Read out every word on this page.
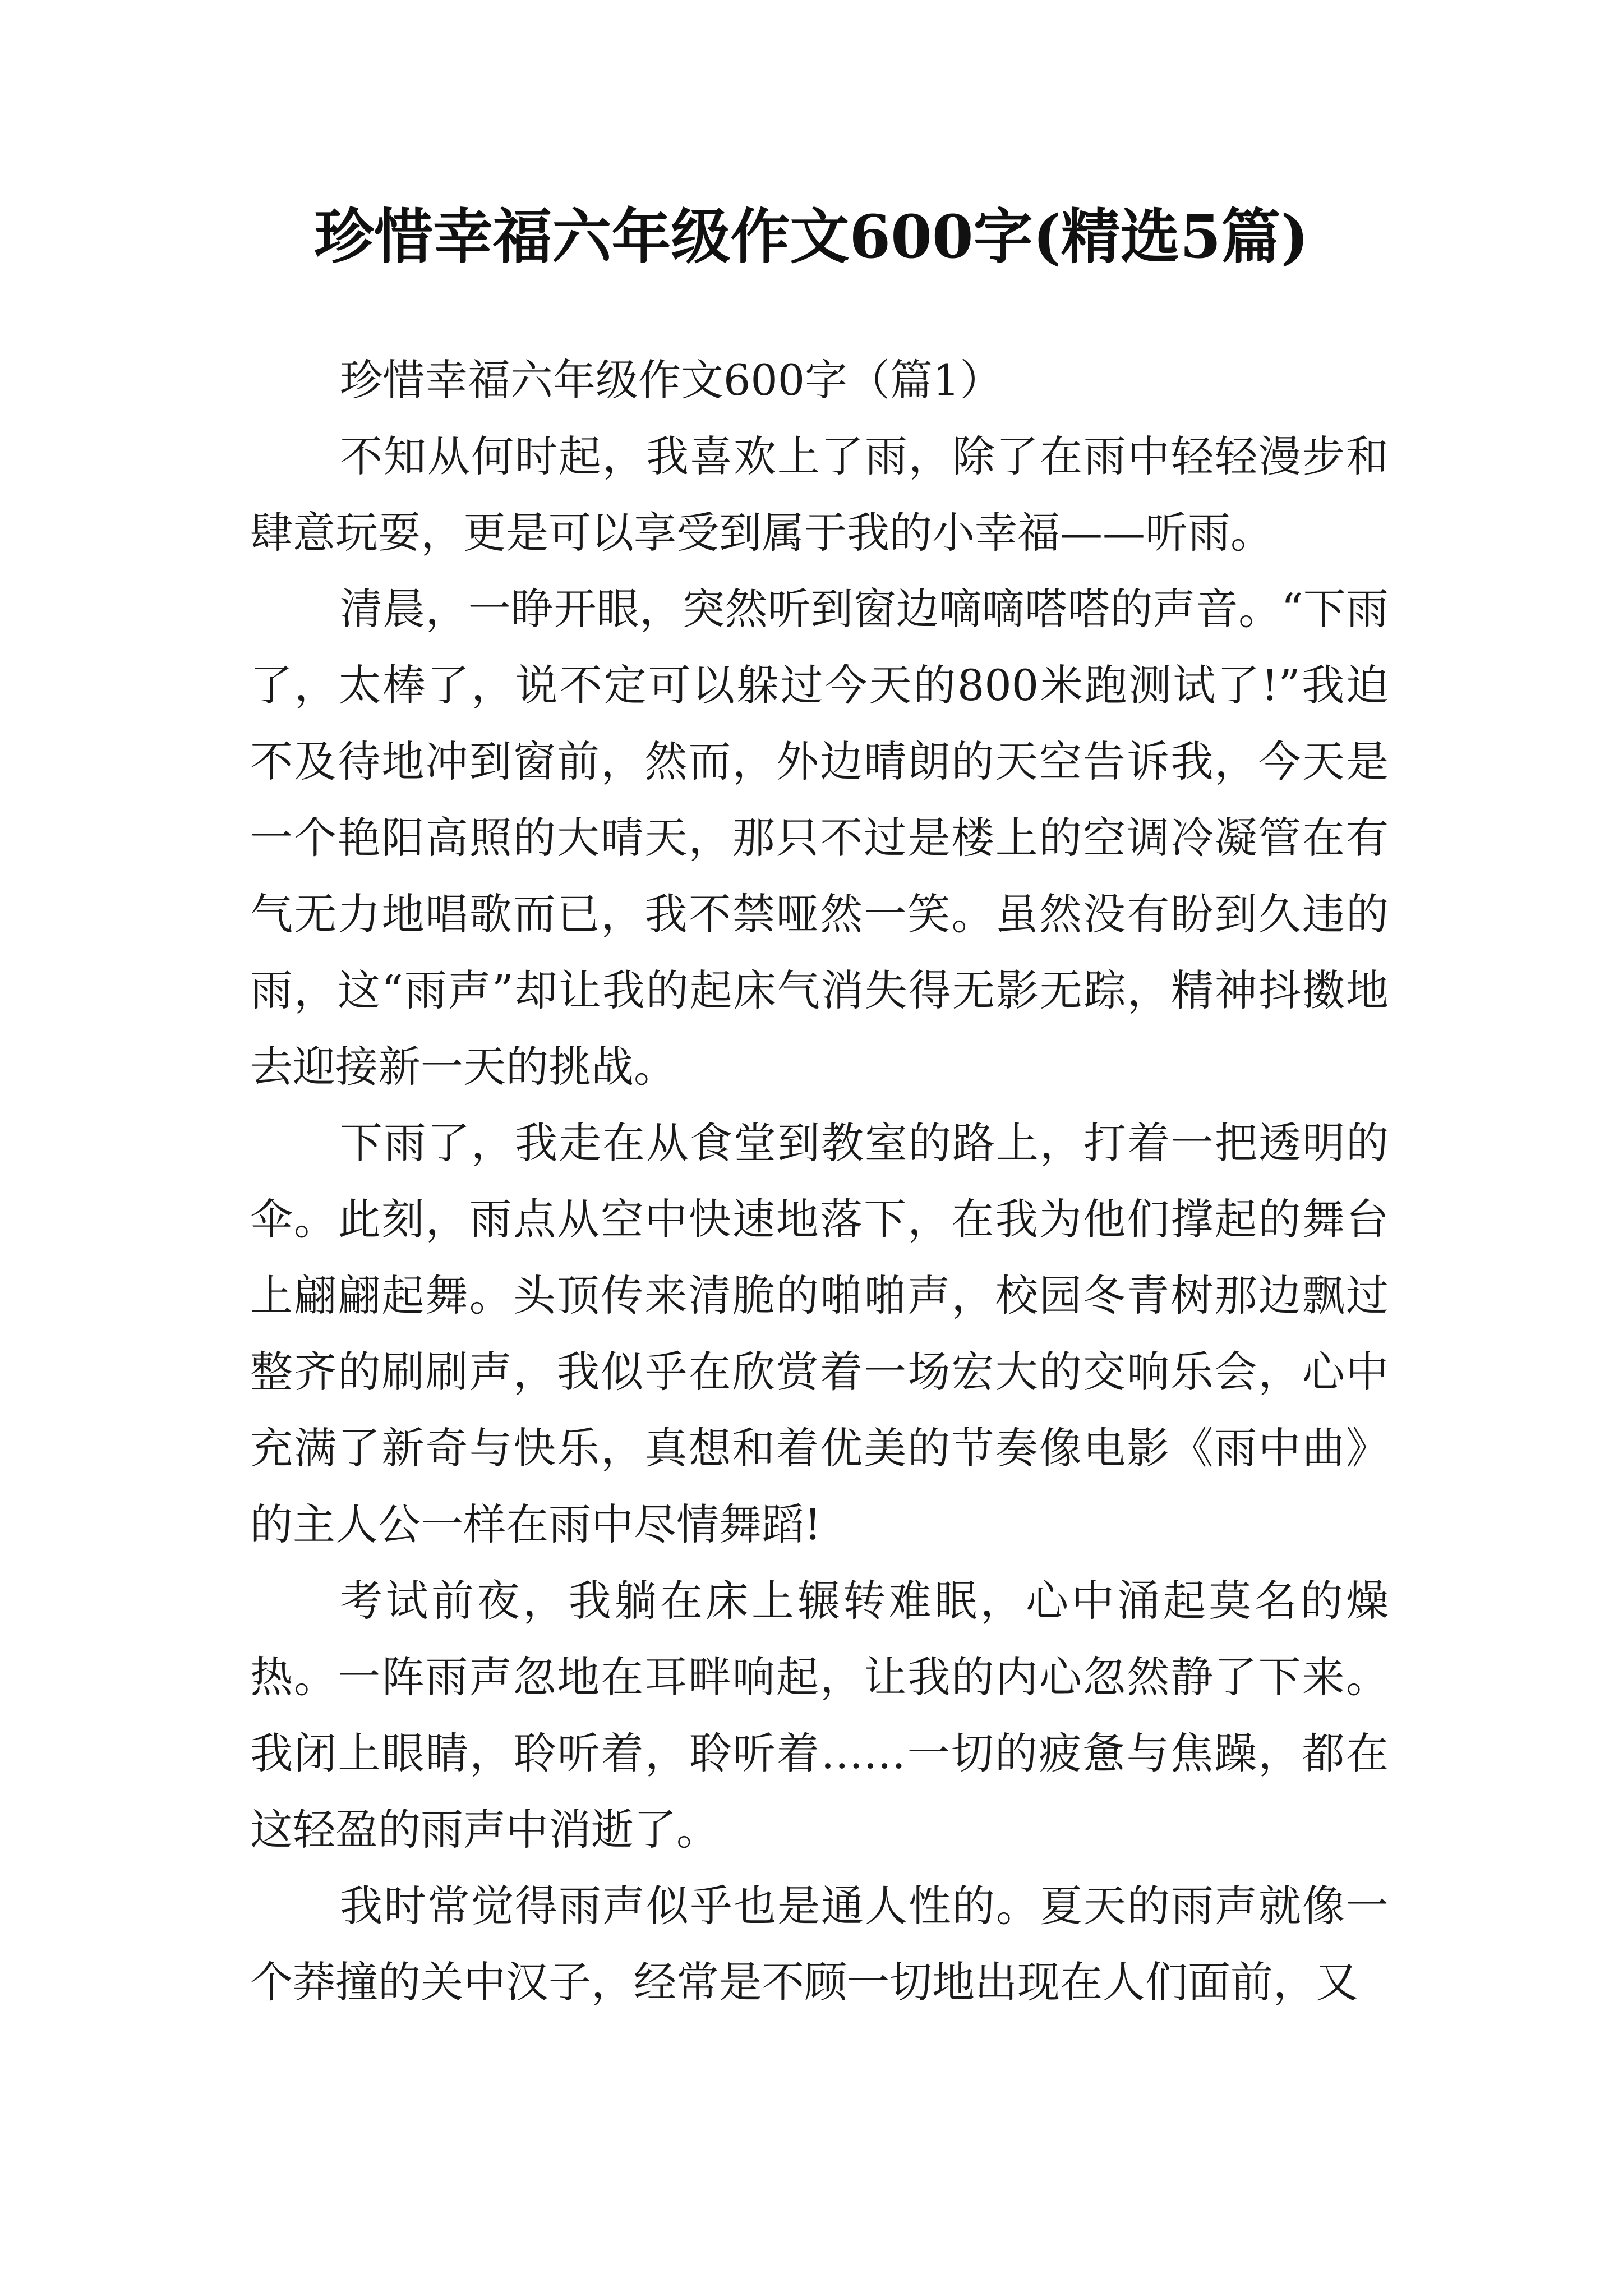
珍惜幸福六年级作文600字(精选5篇)

珍惜幸福六年级作文600字（篇1）

不知从何时起，我喜欢上了雨，除了在雨中轻轻漫步和肆意玩耍，更是可以享受到属于我的小幸福——听雨。

清晨，一睁开眼，突然听到窗边嘀嘀嗒嗒的声音。“下雨了，太棒了，说不定可以躲过今天的800米跑测试了!”我迫不及待地冲到窗前，然而，外边晴朗的天空告诉我，今天是一个艳阳高照的大晴天，那只不过是楼上的空调冷凝管在有气无力地唱歌而已，我不禁哑然一笑。虽然没有盼到久违的雨，这“雨声”却让我的起床气消失得无影无踪，精神抖擞地去迎接新一天的挑战。

下雨了，我走在从食堂到教室的路上，打着一把透明的伞。此刻，雨点从空中快速地落下，在我为他们撑起的舞台上翩翩起舞。头顶传来清脆的啪啪声，校园冬青树那边飘过整齐的刷刷声，我似乎在欣赏着一场宏大的交响乐会，心中充满了新奇与快乐，真想和着优美的节奏像电影《雨中曲》的主人公一样在雨中尽情舞蹈!

考试前夜，我躺在床上辗转难眠，心中涌起莫名的燥热。一阵雨声忽地在耳畔响起，让我的内心忽然静了下来。我闭上眼睛，聆听着，聆听着……一切的疲惫与焦躁，都在这轻盈的雨声中消逝了。

我时常觉得雨声似乎也是通人性的。夏天的雨声就像一个莽撞的关中汉子，经常是不顾一切地出现在人们面前，又
